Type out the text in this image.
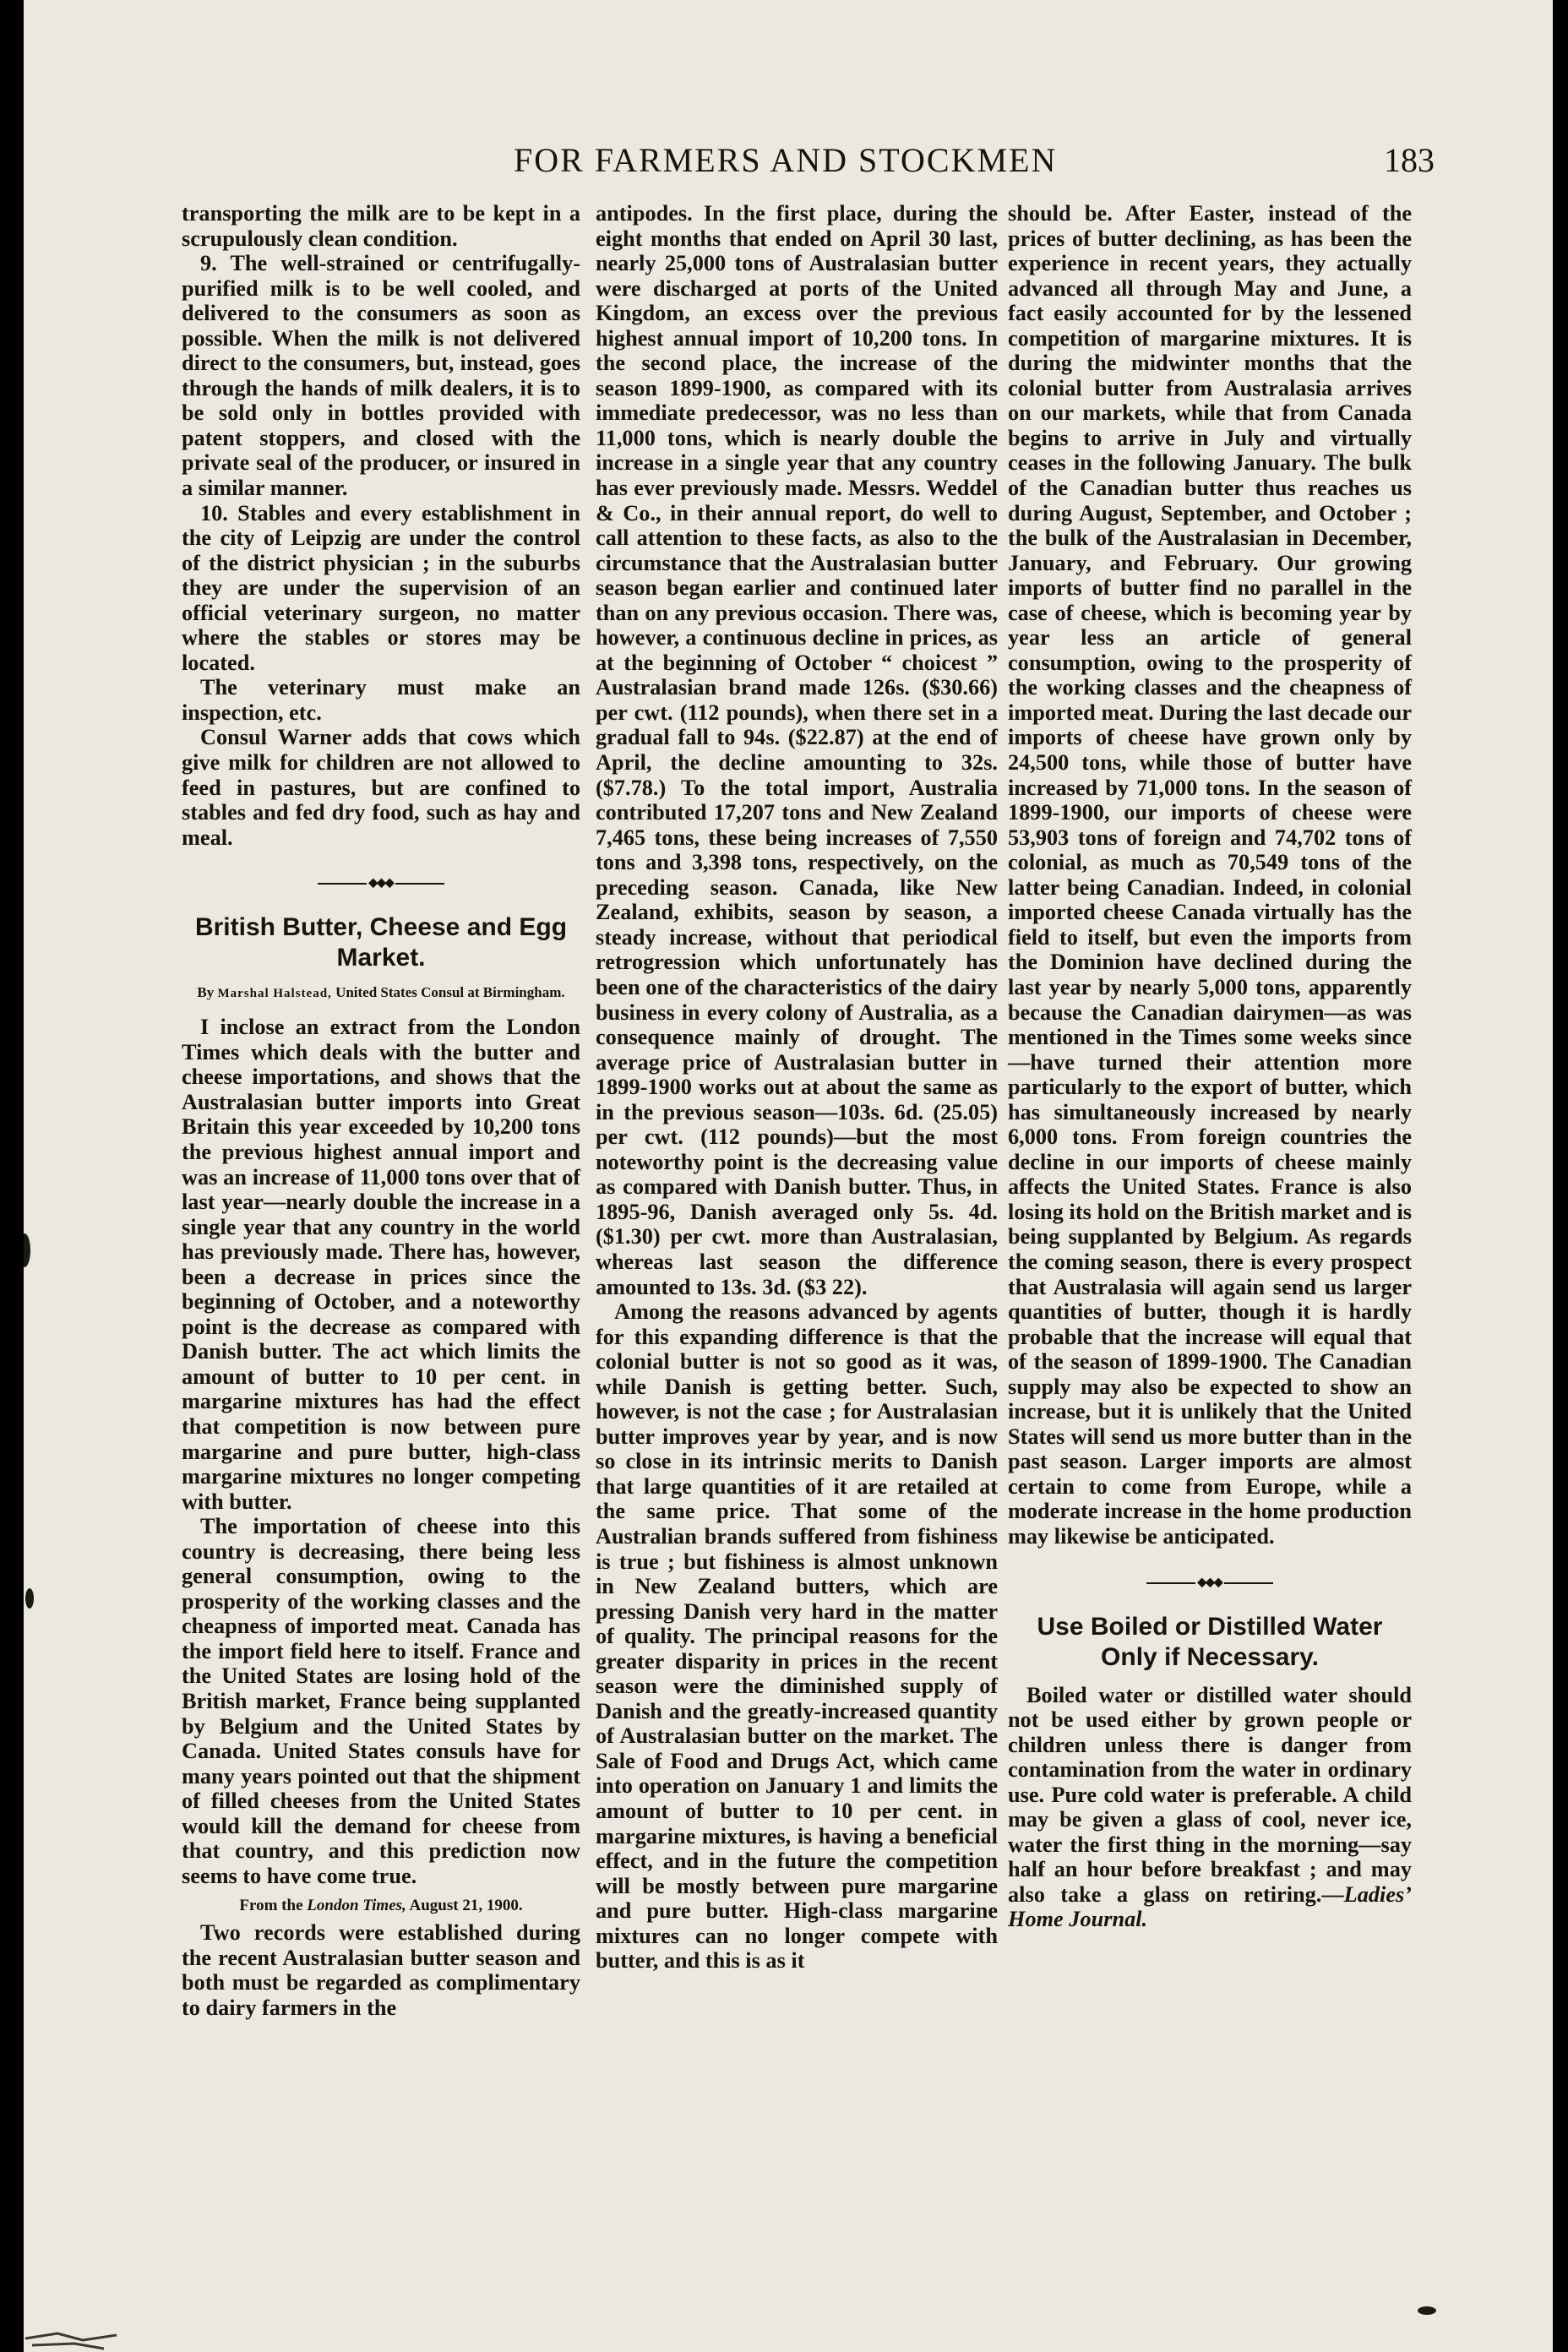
FOR FARMERS AND STOCKMEN	183

transporting the milk are to be kept in a scrupulously clean condition.

9. The well-strained or centrifugally-purified milk is to be well cooled, and delivered to the consumers as soon as possible. When the milk is not delivered direct to the consumers, but, instead, goes through the hands of milk dealers, it is to be sold only in bottles provided with patent stoppers, and closed with the private seal of the producer, or insured in a similar manner.

10. Stables and every establishment in the city of Leipzig are under the control of the district physician ; in the suburbs they are under the supervision of an official veterinary surgeon, no matter where the stables or stores may be located.

The veterinary must make an inspection, etc.

Consul Warner adds that cows which give milk for children are not allowed to feed in pastures, but are confined to stables and fed dry food, such as hay and meal.

◆◆◆
British Butter, Cheese and Egg Market.
By Marshal Halstead, United States Consul at Birmingham.

I inclose an extract from the London Times which deals with the butter and cheese importations, and shows that the Australasian butter imports into Great Britain this year exceeded by 10,200 tons the previous highest annual import and was an increase of 11,000 tons over that of last year—nearly double the increase in a single year that any country in the world has previously made. There has, however, been a decrease in prices since the beginning of October, and a noteworthy point is the decrease as compared with Danish butter. The act which limits the amount of butter to 10 per cent. in margarine mixtures has had the effect that competition is now between pure margarine and pure butter, high-class margarine mixtures no longer competing with butter.

The importation of cheese into this country is decreasing, there being less general consumption, owing to the prosperity of the working classes and the cheapness of imported meat. Canada has the import field here to itself. France and the United States are losing hold of the British market, France being supplanted by Belgium and the United States by Canada. United States consuls have for many years pointed out that the shipment of filled cheeses from the United States would kill the demand for cheese from that country, and this prediction now seems to have come true.

From the London Times, August 21, 1900.

Two records were established during the recent Australasian butter season and both must be regarded as complimentary to dairy farmers in the

antipodes. In the first place, during the eight months that ended on April 30 last, nearly 25,000 tons of Australasian butter were discharged at ports of the United Kingdom, an excess over the previous highest annual import of 10,200 tons. In the second place, the increase of the season 1899-1900, as compared with its immediate predecessor, was no less than 11,000 tons, which is nearly double the increase in a single year that any country has ever previously made. Messrs. Weddel & Co., in their annual report, do well to call attention to these facts, as also to the circumstance that the Australasian butter season began earlier and continued later than on any previous occasion. There was, however, a continuous decline in prices, as at the beginning of October “ choicest ” Australasian brand made 126s. ($30.66) per cwt. (112 pounds), when there set in a gradual fall to 94s. ($22.87) at the end of April, the decline amounting to 32s. ($7.78.) To the total import, Australia contributed 17,207 tons and New Zealand 7,465 tons, these being increases of 7,550 tons and 3,398 tons, respectively, on the preceding season. Canada, like New Zealand, exhibits, season by season, a steady increase, without that periodical retrogression which unfortunately has been one of the characteristics of the dairy business in every colony of Australia, as a consequence mainly of drought. The average price of Australasian butter in 1899-1900 works out at about the same as in the previous season—103s. 6d. (25.05) per cwt. (112 pounds)—but the most noteworthy point is the decreasing value as compared with Danish butter. Thus, in 1895-96, Danish averaged only 5s. 4d. ($1.30) per cwt. more than Australasian, whereas last season the difference amounted to 13s. 3d. ($3 22).

Among the reasons advanced by agents for this expanding difference is that the colonial butter is not so good as it was, while Danish is getting better. Such, however, is not the case ; for Australasian butter improves year by year, and is now so close in its intrinsic merits to Danish that large quantities of it are retailed at the same price. That some of the Australian brands suffered from fishiness is true ; but fishiness is almost unknown in New Zealand butters, which are pressing Danish very hard in the matter of quality. The principal reasons for the greater disparity in prices in the recent season were the diminished supply of Danish and the greatly-increased quantity of Australasian butter on the market. The Sale of Food and Drugs Act, which came into operation on January 1 and limits the amount of butter to 10 per cent. in margarine mixtures, is having a beneficial effect, and in the future the competition will be mostly between pure margarine and pure butter. High-class margarine mixtures can no longer compete with butter, and this is as it

should be. After Easter, instead of the prices of butter declining, as has been the experience in recent years, they actually advanced all through May and June, a fact easily accounted for by the lessened competition of margarine mixtures. It is during the midwinter months that the colonial butter from Australasia arrives on our markets, while that from Canada begins to arrive in July and virtually ceases in the following January. The bulk of the Canadian butter thus reaches us during August, September, and October ; the bulk of the Australasian in December, January, and February. Our growing imports of butter find no parallel in the case of cheese, which is becoming year by year less an article of general consumption, owing to the prosperity of the working classes and the cheapness of imported meat. During the last decade our imports of cheese have grown only by 24,500 tons, while those of butter have increased by 71,000 tons. In the season of 1899-1900, our imports of cheese were 53,903 tons of foreign and 74,702 tons of colonial, as much as 70,549 tons of the latter being Canadian. Indeed, in colonial imported cheese Canada virtually has the field to itself, but even the imports from the Dominion have declined during the last year by nearly 5,000 tons, apparently because the Canadian dairymen—as was mentioned in the Times some weeks since—have turned their attention more particularly to the export of butter, which has simultaneously increased by nearly 6,000 tons. From foreign countries the decline in our imports of cheese mainly affects the United States. France is also losing its hold on the British market and is being supplanted by Belgium. As regards the coming season, there is every prospect that Australasia will again send us larger quantities of butter, though it is hardly probable that the increase will equal that of the season of 1899-1900. The Canadian supply may also be expected to show an increase, but it is unlikely that the United States will send us more butter than in the past season. Larger imports are almost certain to come from Europe, while a moderate increase in the home production may likewise be anticipated.

◆◆◆
Use Boiled or Distilled Water Only if Necessary.

Boiled water or distilled water should not be used either by grown people or children unless there is danger from contamination from the water in ordinary use. Pure cold water is preferable. A child may be given a glass of cool, never ice, water the first thing in the morning—say half an hour before breakfast ; and may also take a glass on retiring.—Ladies’ Home Journal.
